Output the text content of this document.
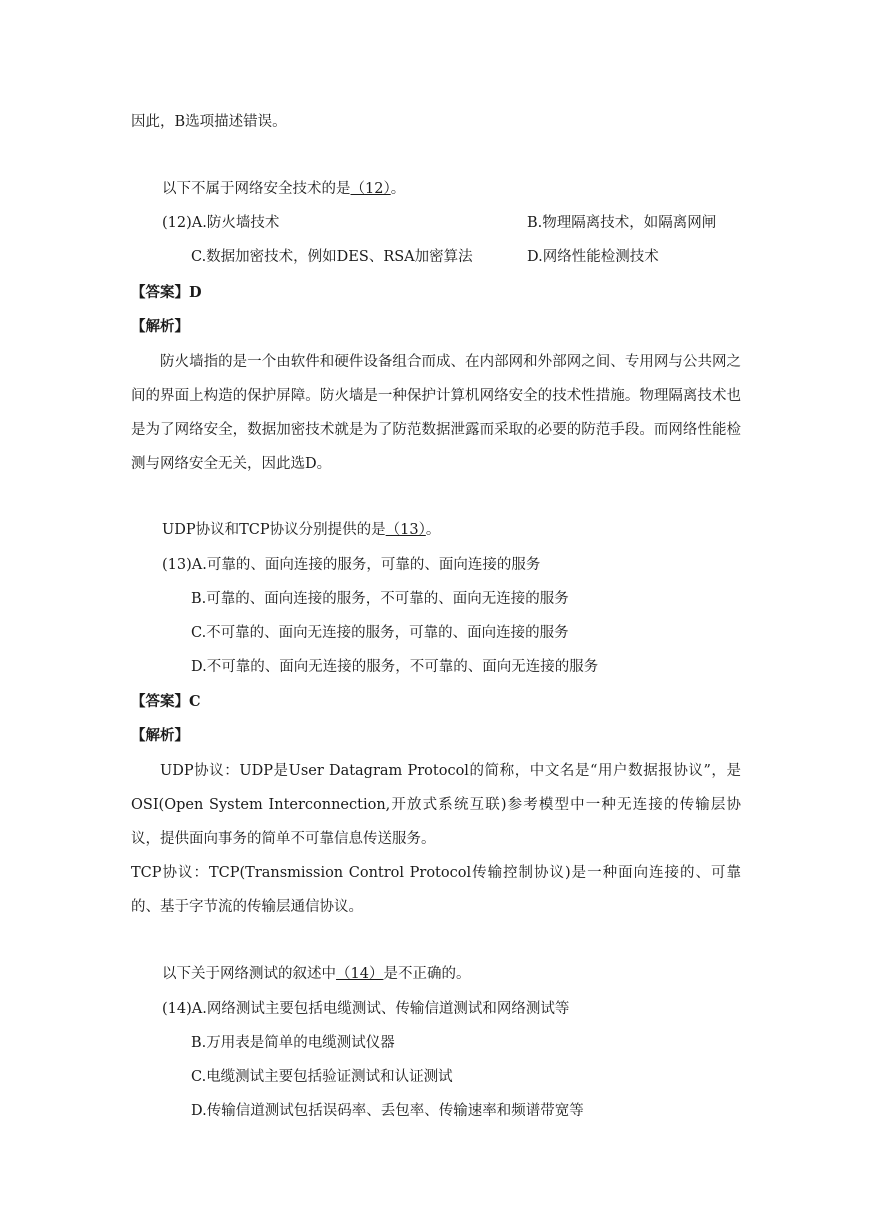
因此，B选项描述错误。
以下不属于网络安全技术的是（12）。
(12)A.防火墙技术	B.物理隔离技术，如隔离网闸
C.数据加密技术，例如DES、RSA加密算法	D.网络性能检测技术
【答案】D
【解析】
防火墙指的是一个由软件和硬件设备组合而成、在内部网和外部网之间、专用网与公共网之间的界面上构造的保护屏障。防火墙是一种保护计算机网络安全的技术性措施。物理隔离技术也是为了网络安全，数据加密技术就是为了防范数据泄露而采取的必要的防范手段。而网络性能检测与网络安全无关，因此选D。
UDP协议和TCP协议分别提供的是（13）。
(13)A.可靠的、面向连接的服务，可靠的、面向连接的服务
B.可靠的、面向连接的服务，不可靠的、面向无连接的服务
C.不可靠的、面向无连接的服务，可靠的、面向连接的服务
D.不可靠的、面向无连接的服务，不可靠的、面向无连接的服务
【答案】C
【解析】
UDP协议：UDP是User Datagram Protocol的简称，中文名是“用户数据报协议”，是OSI(Open System Interconnection,开放式系统互联)参考模型中一种无连接的传输层协议，提供面向事务的简单不可靠信息传送服务。
TCP协议：TCP(Transmission Control Protocol传输控制协议)是一种面向连接的、可靠的、基于字节流的传输层通信协议。
以下关于网络测试的叙述中（14）是不正确的。
(14)A.网络测试主要包括电缆测试、传输信道测试和网络测试等
B.万用表是简单的电缆测试仪器
C.电缆测试主要包括验证测试和认证测试
D.传输信道测试包括误码率、丢包率、传输速率和频谱带宽等
